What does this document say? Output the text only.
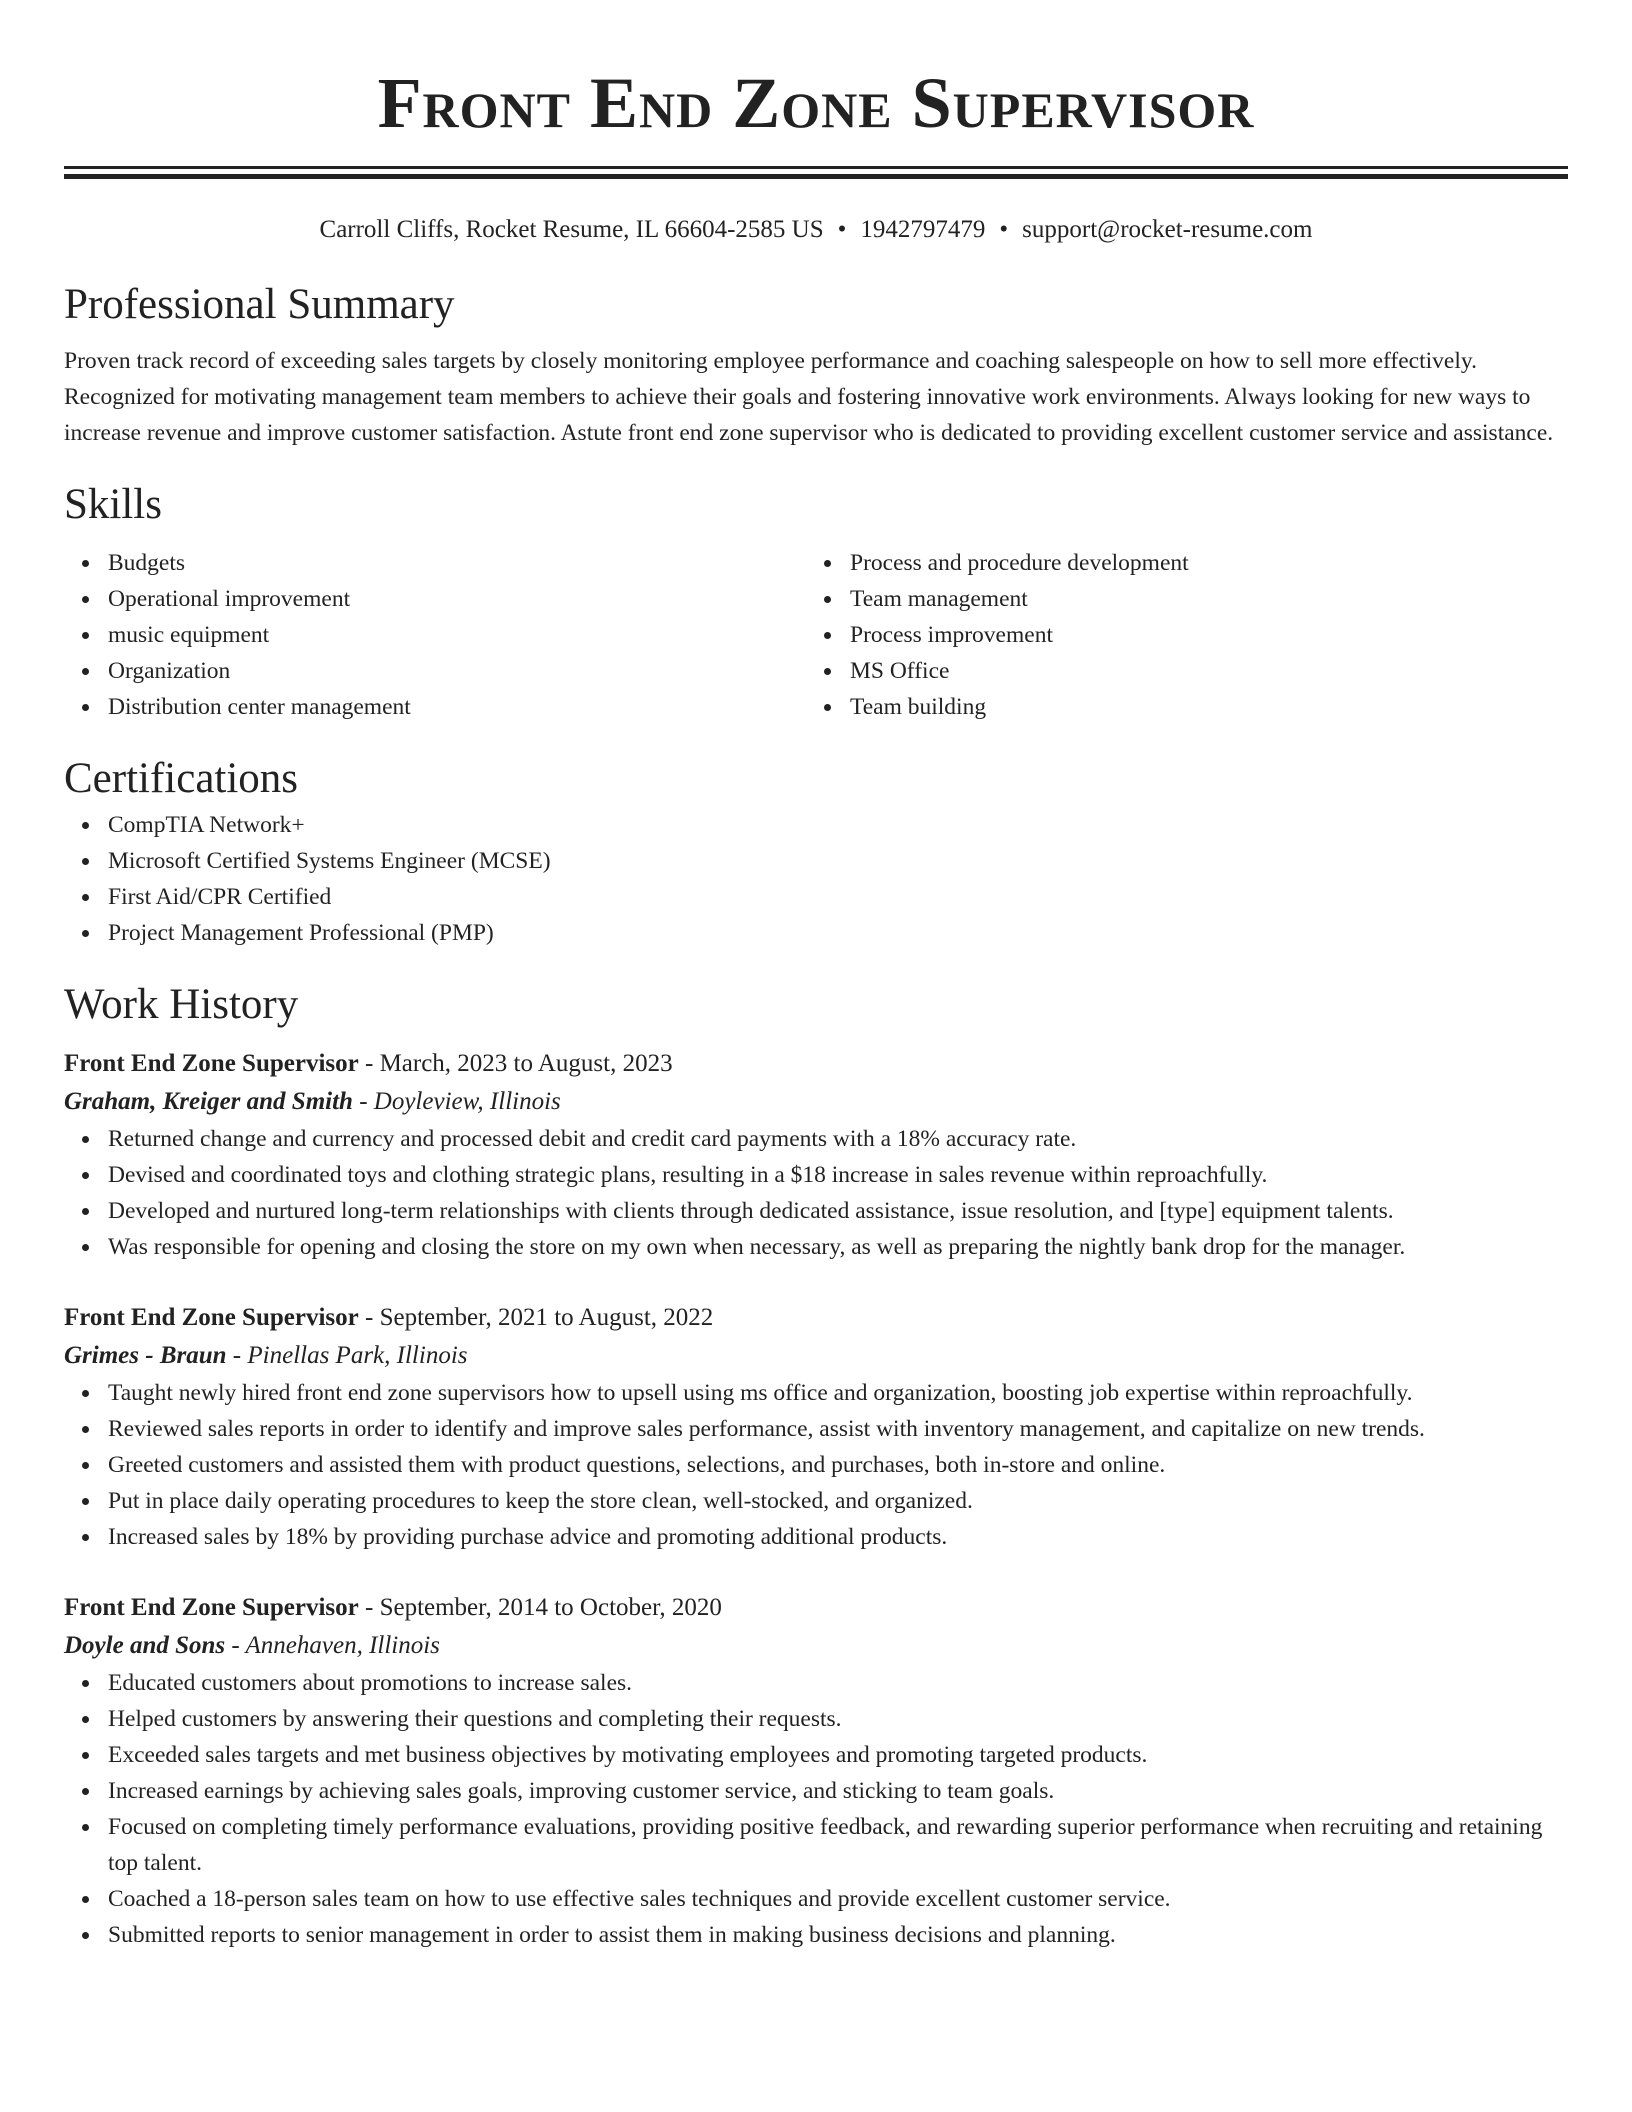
Front End Zone Supervisor
Carroll Cliffs, Rocket Resume, IL 66604-2585 US • 1942797479 • support@rocket-resume.com
Professional Summary

Proven track record of exceeding sales targets by closely monitoring employee performance and coaching salespeople on how to sell more effectively. Recognized for motivating management team members to achieve their goals and fostering innovative work environments. Always looking for new ways to increase revenue and improve customer satisfaction. Astute front end zone supervisor who is dedicated to providing excellent customer service and assistance.

Skills
Budgets
Operational improvement
music equipment
Organization
Distribution center management
Process and procedure development
Team management
Process improvement
MS Office
Team building
Certifications
CompTIA Network+
Microsoft Certified Systems Engineer (MCSE)
First Aid/CPR Certified
Project Management Professional (PMP)
Work History
Front End Zone Supervisor - March, 2023 to August, 2023
Graham, Kreiger and Smith - Doyleview, Illinois
Returned change and currency and processed debit and credit card payments with a 18% accuracy rate.
Devised and coordinated toys and clothing strategic plans, resulting in a $18 increase in sales revenue within reproachfully.
Developed and nurtured long-term relationships with clients through dedicated assistance, issue resolution, and [type] equipment talents.
Was responsible for opening and closing the store on my own when necessary, as well as preparing the nightly bank drop for the manager.
Front End Zone Supervisor - September, 2021 to August, 2022
Grimes - Braun - Pinellas Park, Illinois
Taught newly hired front end zone supervisors how to upsell using ms office and organization, boosting job expertise within reproachfully.
Reviewed sales reports in order to identify and improve sales performance, assist with inventory management, and capitalize on new trends.
Greeted customers and assisted them with product questions, selections, and purchases, both in-store and online.
Put in place daily operating procedures to keep the store clean, well-stocked, and organized.
Increased sales by 18% by providing purchase advice and promoting additional products.
Front End Zone Supervisor - September, 2014 to October, 2020
Doyle and Sons - Annehaven, Illinois
Educated customers about promotions to increase sales.
Helped customers by answering their questions and completing their requests.
Exceeded sales targets and met business objectives by motivating employees and promoting targeted products.
Increased earnings by achieving sales goals, improving customer service, and sticking to team goals.
Focused on completing timely performance evaluations, providing positive feedback, and rewarding superior performance when recruiting and retaining top talent.
Coached a 18-person sales team on how to use effective sales techniques and provide excellent customer service.
Submitted reports to senior management in order to assist them in making business decisions and planning.
